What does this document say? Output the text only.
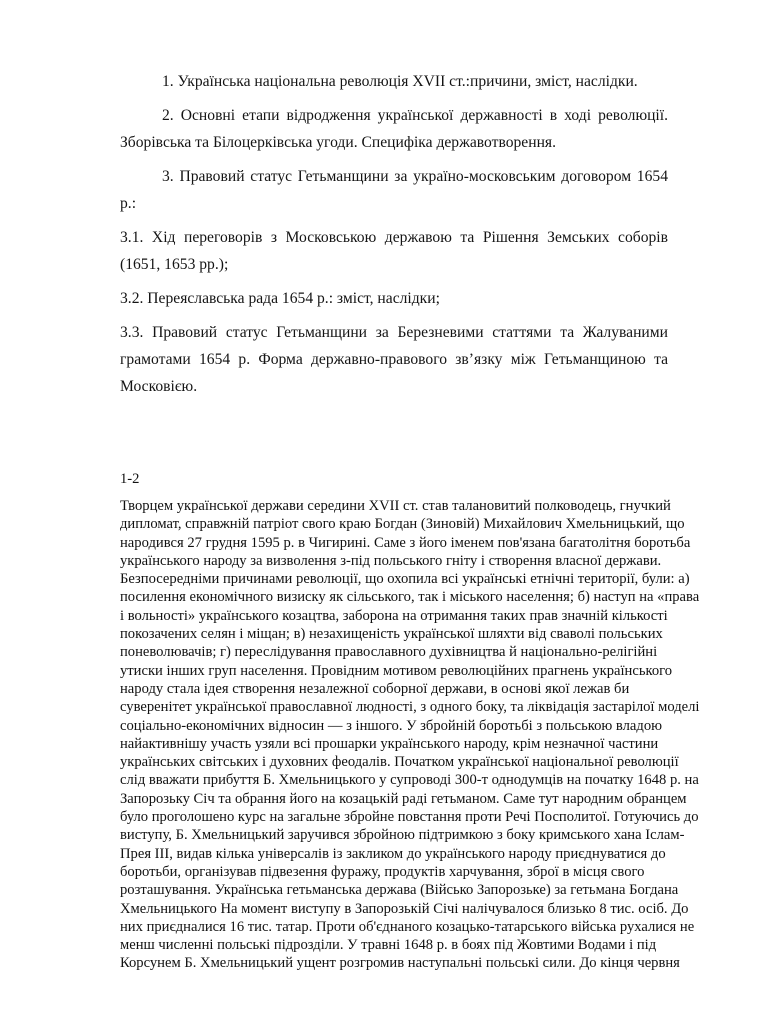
1. Українська національна революція XVII ст.:причини, зміст, наслідки.

2. Основні етапи відродження української державності в ході революції. Зборівська та Білоцерківська угоди. Специфіка державотворення.

3. Правовий статус Гетьманщини за україно-московським договором 1654 р.:

3.1. Хід переговорів з Московською державою та Рішення Земських соборів (1651, 1653 рр.);

3.2. Переяславська рада 1654 р.: зміст, наслідки;

3.3. Правовий статус Гетьманщини за Березневими статтями та Жалуваними грамотами 1654 р. Форма державно-правового зв’язку між Гетьманщиною та Московією.

1-2

Творцем української держави середини XVII ст. став талановитий полководець, гнучкий дипломат, справжній патріот свого краю Богдан (Зиновій) Михайлович Хмельницький, що народився 27 грудня 1595 р. в Чигирині. Саме з його іменем пов'язана багатолітня боротьба українського народу за визволення з-під польського гніту і створення власної держави. Безпосередніми причинами революції, що охопила всі українські етнічні території, були: а) посилення економічного визиску як сільського, так і міського населення; б) наступ на «права і вольності» українського козацтва, заборона на отримання таких прав значній кількості покозачених селян і міщан; в) незахищеність української шляхти від сваволі польських поневолювачів; г) переслідування православного духівництва й національно-релігійні утиски інших груп населення. Провідним мотивом революційних прагнень українського народу стала ідея створення незалежної соборної держави, в основі якої лежав би суверенітет української православної людності, з одного боку, та ліквідація застарілої моделі соціально-економічних відносин — з іншого. У збройній боротьбі з польською владою найактивнішу участь узяли всі прошарки українського народу, крім незначної частини українських світських і духовних феодалів. Початком української національної революції слід вважати прибуття Б. Хмельницького у супроводі 300-т однодумців на початку 1648 р. на Запорозьку Січ та обрання його на козацькій раді гетьманом. Саме тут народним обранцем було проголошено курс на загальне збройне повстання проти Речі Посполитої. Готуючись до виступу, Б. Хмельницький заручився збройною підтримкою з боку кримського хана Іслам-Прея III, видав кілька універсалів із закликом до українського народу приєднуватися до боротьби, організував підвезення фуражу, продуктів харчування, зброї в місця свого розташування. Українська гетьманська держава (Військо Запорозьке) за гетьмана Богдана Хмельницького На момент виступу в Запорозькій Січі налічувалося близько 8 тис. осіб. До них приєдналися 16 тис. татар. Проти об'єднаного козацько-татарського війська рухалися не менш численні польські підрозділи. У травні 1648 р. в боях під Жовтими Водами і під Корсунем Б. Хмельницький ущент розгромив наступальні польські сили. До кінця червня
